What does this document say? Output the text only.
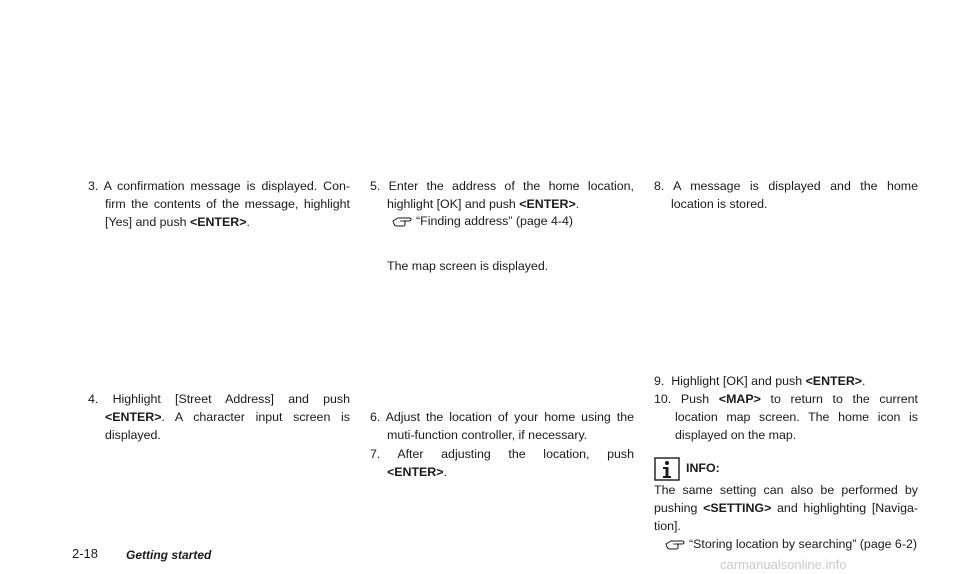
3. A confirmation message is displayed. Con-
firm the contents of the message, highlight
[Yes] and push <ENTER>.
4. Highlight [Street Address] and push
<ENTER>. A character input screen is
displayed.
5. Enter the address of the home location,
highlight [OK] and push <ENTER>.
“Finding address” (page 4-4)
The map screen is displayed.
6. Adjust the location of your home using the
muti-function controller, if necessary.
7. After adjusting the location, push
<ENTER>.
8. A message is displayed and the home
location is stored.
9. Highlight [OK] and push <ENTER>.
10. Push <MAP> to return to the current
location map screen. The home icon is
displayed on the map.
INFO:
The same setting can also be performed by
pushing <SETTING> and highlighting [Naviga-
tion].
“Storing location by searching” (page 6-2)
2-18 Getting started
carmanualsonline.info
